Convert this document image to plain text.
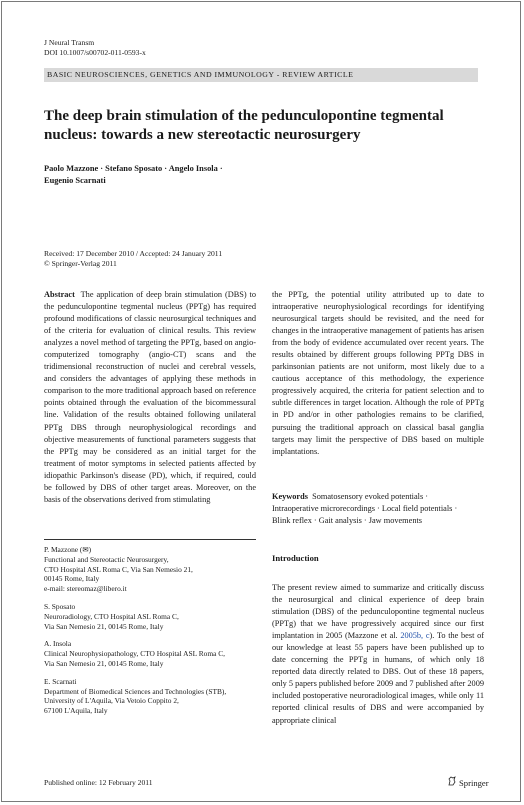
J Neural Transm
DOI 10.1007/s00702-011-0593-x
BASIC NEUROSCIENCES, GENETICS AND IMMUNOLOGY - REVIEW ARTICLE
The deep brain stimulation of the pedunculopontine tegmental nucleus: towards a new stereotactic neurosurgery
Paolo Mazzone · Stefano Sposato · Angelo Insola ·
Eugenio Scarnati
Received: 17 December 2010 / Accepted: 24 January 2011
© Springer-Verlag 2011

Abstract The application of deep brain stimulation (DBS) to the pedunculopontine tegmental nucleus (PPTg) has required profound modifications of classic neurosurgical techniques and of the criteria for evaluation of clinical results. This review analyzes a novel method of targeting the PPTg, based on angio-computerized tomography (angio-CT) scans and the tridimensional reconstruction of nuclei and cerebral vessels, and considers the advantages of applying these methods in comparison to the more traditional approach based on reference points obtained through the evaluation of the bicommessural line. Validation of the results obtained following unilateral PPTg DBS through neurophysiological recordings and objective measurements of functional parameters suggests that the PPTg may be considered as an initial target for the treatment of motor symptoms in selected patients affected by idiopathic Parkinson's disease (PD), which, if required, could be followed by DBS of other target areas. Moreover, on the basis of the observations derived from stimulating

the PPTg, the potential utility attributed up to date to intraoperative neurophysiological recordings for identifying neurosurgical targets should be revisited, and the need for changes in the intraoperative management of patients has arisen from the body of evidence accumulated over recent years. The results obtained by different groups following PPTg DBS in parkinsonian patients are not uniform, most likely due to a cautious acceptance of this methodology, the experience progressively acquired, the criteria for patient selection and to subtle differences in target location. Although the role of PPTg in PD and/or in other pathologies remains to be clarified, pursuing the traditional approach on classical basal ganglia targets may limit the perspective of DBS based on multiple implantations.

Keywords Somatosensory evoked potentials ·
Intraoperative microrecordings · Local field potentials ·
Blink reflex · Gait analysis · Jaw movements
P. Mazzone (✉)
Functional and Stereotactic Neurosurgery,
CTO Hospital ASL Roma C, Via San Nemesio 21,
00145 Rome, Italy
e-mail: stereomaz@libero.it
S. Sposato
Neuroradiology, CTO Hospital ASL Roma C,
Via San Nemesio 21, 00145 Rome, Italy
A. Insola
Clinical Neurophysiopathology, CTO Hospital ASL Roma C,
Via San Nemesio 21, 00145 Rome, Italy
E. Scarnati
Department of Biomedical Sciences and Technologies (STB),
University of L'Aquila, Via Vetoio Coppito 2,
67100 L'Aquila, Italy
Introduction
The present review aimed to summarize and critically discuss the neurosurgical and clinical experience of deep brain stimulation (DBS) of the pedunculopontine tegmental nucleus (PPTg) that we have progressively acquired since our first implantation in 2005 (Mazzone et al. 2005b, c). To the best of our knowledge at least 55 papers have been published up to date concerning the PPTg in humans, of which only 18 reported data directly related to DBS. Out of these 18 papers, only 5 papers published before 2009 and 7 published after 2009 included postoperative neuroradiological images, while only 11 reported clinical results of DBS and were accompanied by appropriate clinical
Published online: 12 February 2011	Springer
